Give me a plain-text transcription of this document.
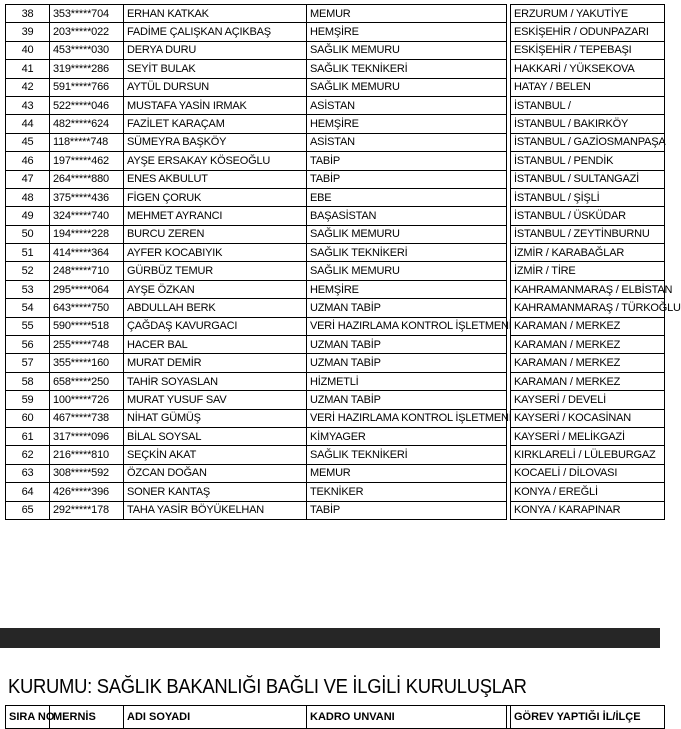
38	353*****704	ERHAN KATKAK	MEMUR		ERZURUM / YAKUTİYE
39	203*****022	FADİME ÇALIŞKAN AÇIKBAŞ	HEMŞİRE		ESKİŞEHİR / ODUNPAZARI
40	453*****030	DERYA DURU	SAĞLIK MEMURU		ESKİŞEHİR / TEPEBAŞI
41	319*****286	SEYİT BULAK	SAĞLIK TEKNİKERİ		HAKKARİ / YÜKSEKOVA
42	591*****766	AYTÜL DURSUN	SAĞLIK MEMURU		HATAY / BELEN
43	522*****046	MUSTAFA YASİN IRMAK	ASİSTAN		İSTANBUL /
44	482*****624	FAZİLET KARAÇAM	HEMŞİRE		İSTANBUL / BAKIRKÖY
45	118*****748	SÜMEYRA BAŞKÖY	ASİSTAN		İSTANBUL / GAZİOSMANPAŞA
46	197*****462	AYŞE ERSAKAY KÖSEOĞLU	TABİP		İSTANBUL / PENDİK
47	264*****880	ENES AKBULUT	TABİP		İSTANBUL / SULTANGAZİ
48	375*****436	FİGEN ÇORUK	EBE		İSTANBUL / ŞİŞLİ
49	324*****740	MEHMET AYRANCI	BAŞASİSTAN		İSTANBUL / ÜSKÜDAR
50	194*****228	BURCU ZEREN	SAĞLIK MEMURU		İSTANBUL / ZEYTİNBURNU
51	414*****364	AYFER KOCABIYIK	SAĞLIK TEKNİKERİ		İZMİR / KARABAĞLAR
52	248*****710	GÜRBÜZ TEMUR	SAĞLIK MEMURU		İZMİR / TİRE
53	295*****064	AYŞE ÖZKAN	HEMŞİRE		KAHRAMANMARAŞ / ELBİSTAN
54	643*****750	ABDULLAH BERK	UZMAN TABİP		KAHRAMANMARAŞ / TÜRKOĞLU
55	590*****518	ÇAĞDAŞ KAVURGACI	VERİ HAZIRLAMA KONTROL İŞLETMENİ		KARAMAN / MERKEZ
56	255*****748	HACER BAL	UZMAN TABİP		KARAMAN / MERKEZ
57	355*****160	MURAT DEMİR	UZMAN TABİP		KARAMAN / MERKEZ
58	658*****250	TAHİR SOYASLAN	HİZMETLİ		KARAMAN / MERKEZ
59	100*****726	MURAT YUSUF SAV	UZMAN TABİP		KAYSERİ / DEVELİ
60	467*****738	NİHAT GÜMÜŞ	VERİ HAZIRLAMA KONTROL İŞLETMENİ		KAYSERİ / KOCASİNAN
61	317*****096	BİLAL SOYSAL	KİMYAGER		KAYSERİ / MELİKGAZİ
62	216*****810	SEÇKİN AKAT	SAĞLIK TEKNİKERİ		KIRKLARELİ / LÜLEBURGAZ
63	308*****592	ÖZCAN DOĞAN	MEMUR		KOCAELİ / DİLOVASI
64	426*****396	SONER KANTAŞ	TEKNİKER		KONYA / EREĞLİ
65	292*****178	TAHA YASİR BÖYÜKELHAN	TABİP		KONYA / KARAPINAR
KURUMU: SAĞLIK BAKANLIĞI BAĞLI VE İLGİLİ KURULUŞLAR
SIRA NO	MERNİS	ADI SOYADI	KADRO UNVANI		GÖREV YAPTIĞI İL/İLÇE
